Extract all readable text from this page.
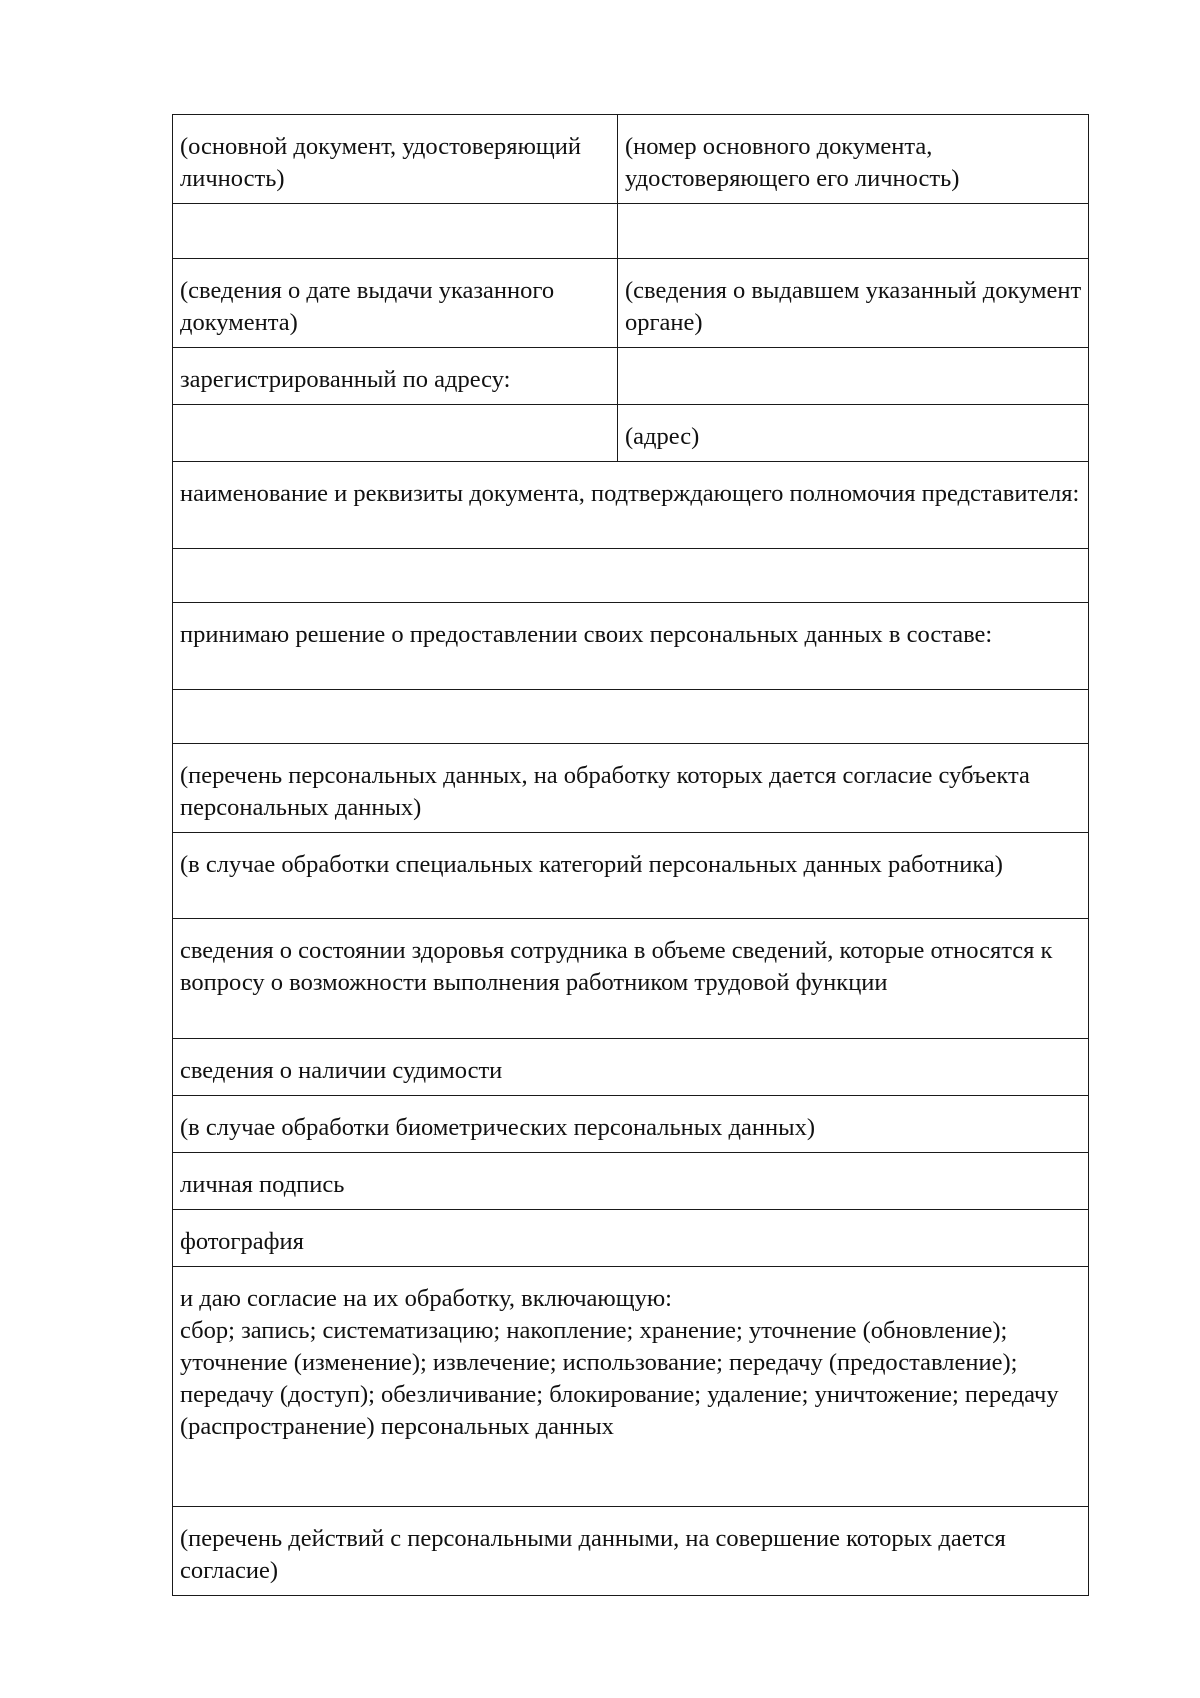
(основной документ, удостоверяющий личность)	(номер основного документа, удостоверяющего его личность)

(сведения о дате выдачи указанного документа)	(сведения о выдавшем указанный документ органе)
зарегистрированный по адресу:	
	(адрес)
наименование и реквизиты документа, подтверждающего полномочия представителя:	

принимаю решение о предоставлении своих персональных данных в составе:	

(перечень персональных данных, на обработку которых дается согласие субъекта персональных данных)	
(в случае обработки специальных категорий персональных данных работника)	
сведения о состоянии здоровья сотрудника в объеме сведений, которые относятся к вопросу о возможности выполнения работником трудовой функции	
сведения о наличии судимости	
(в случае обработки биометрических персональных данных)	
личная подпись	
фотография	
и даю согласие на их обработку, включающую:
сбор; запись; систематизацию; накопление; хранение; уточнение (обновление); уточнение (изменение); извлечение; использование; передачу (предоставление); передачу (доступ); обезличивание; блокирование; удаление; уничтожение; передачу (распространение) персональных данных	
(перечень действий с персональными данными, на совершение которых дается согласие)	
